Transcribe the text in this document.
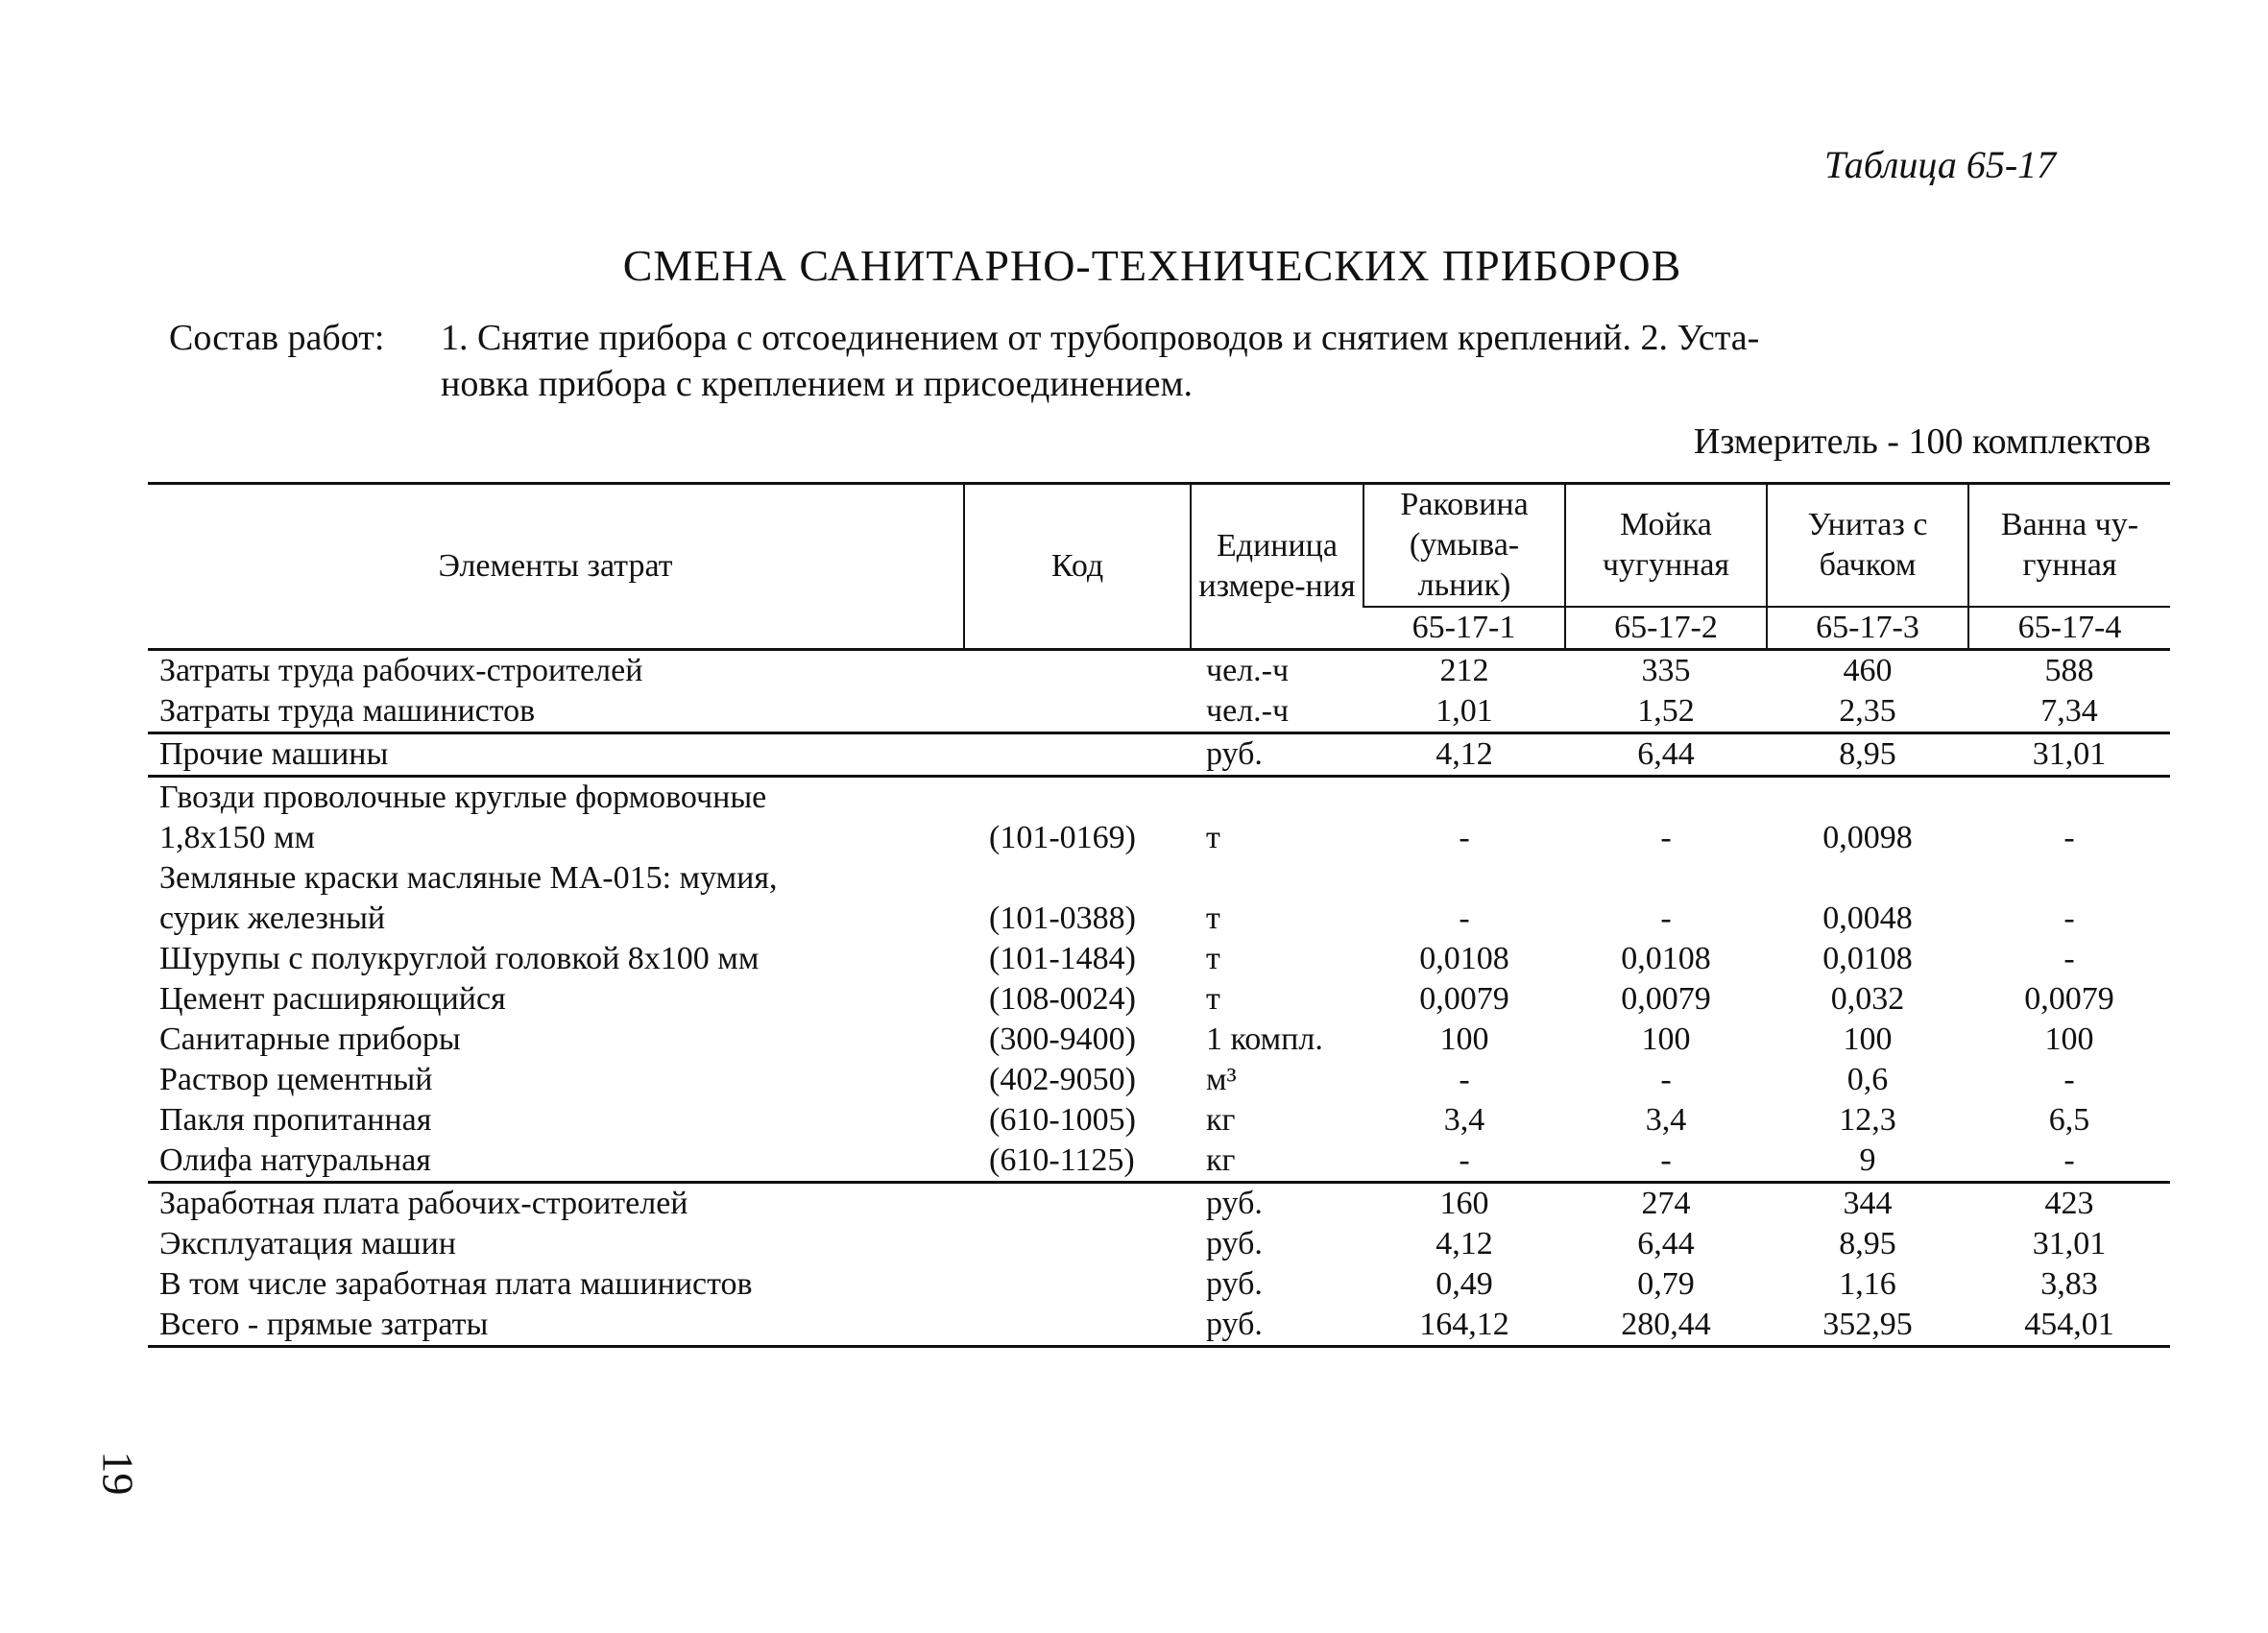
Таблица 65-17
СМЕНА САНИТАРНО-ТЕХНИЧЕСКИХ ПРИБОРОВ
Состав работ: 1. Снятие прибора с отсоединением от трубопроводов и снятием креплений. 2. Уста-
новка прибора с креплением и присоединением.
Измеритель - 100 комплектов
Элементы затрат	Код	Единица измере-ния	Раковина (умыва-льник)	Мойка чугунная	Унитаз с бачком	Ванна чу-гунная
			65-17-1	65-17-2	65-17-3	65-17-4
Затраты труда рабочих-строителей		чел.-ч	212	335	460	588
Затраты труда машинистов		чел.-ч	1,01	1,52	2,35	7,34
Прочие машины		руб.	4,12	6,44	8,95	31,01
Гвозди проволочные круглые формовочные						
1,8х150 мм	(101-0169)	т	-	-	0,0098	-
Земляные краски масляные МА-015: мумия,						
сурик железный	(101-0388)	т	-	-	0,0048	-
Шурупы с полукруглой головкой 8х100 мм	(101-1484)	т	0,0108	0,0108	0,0108	-
Цемент расширяющийся	(108-0024)	т	0,0079	0,0079	0,032	0,0079
Санитарные приборы	(300-9400)	1 компл.	100	100	100	100
Раствор цементный	(402-9050)	м³	-	-	0,6	-
Пакля пропитанная	(610-1005)	кг	3,4	3,4	12,3	6,5
Олифа натуральная	(610-1125)	кг	-	-	9	-
Заработная плата рабочих-строителей		руб.	160	274	344	423
Эксплуатация машин		руб.	4,12	6,44	8,95	31,01
В том числе заработная плата машинистов		руб.	0,49	0,79	1,16	3,83
Всего - прямые затраты		руб.	164,12	280,44	352,95	454,01
19
